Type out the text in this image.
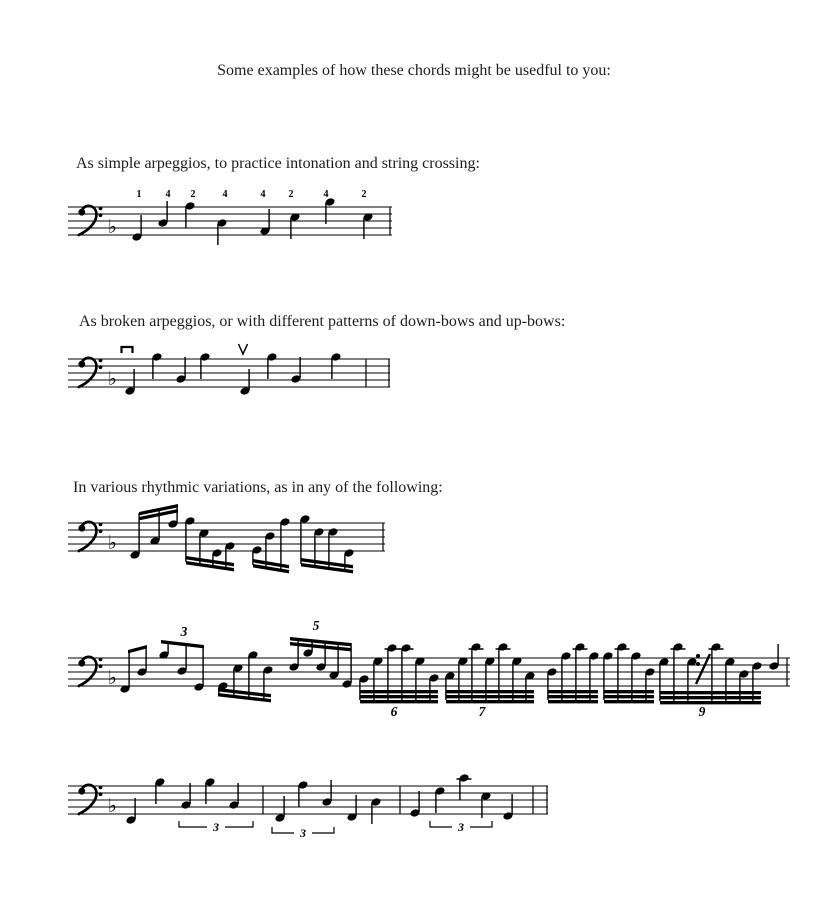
Some examples of how these chords might be usedful to you:
As simple arpeggios, to practice intonation and string crossing:
As broken arpeggios, or with different patterns of down-bows and up-bows:
In various rhythmic variations, as in any of the following:
♭
1 4 2	4	4 2	4	2
♭
♭
♭
3	5
6	7	9
♭
3	3	3
